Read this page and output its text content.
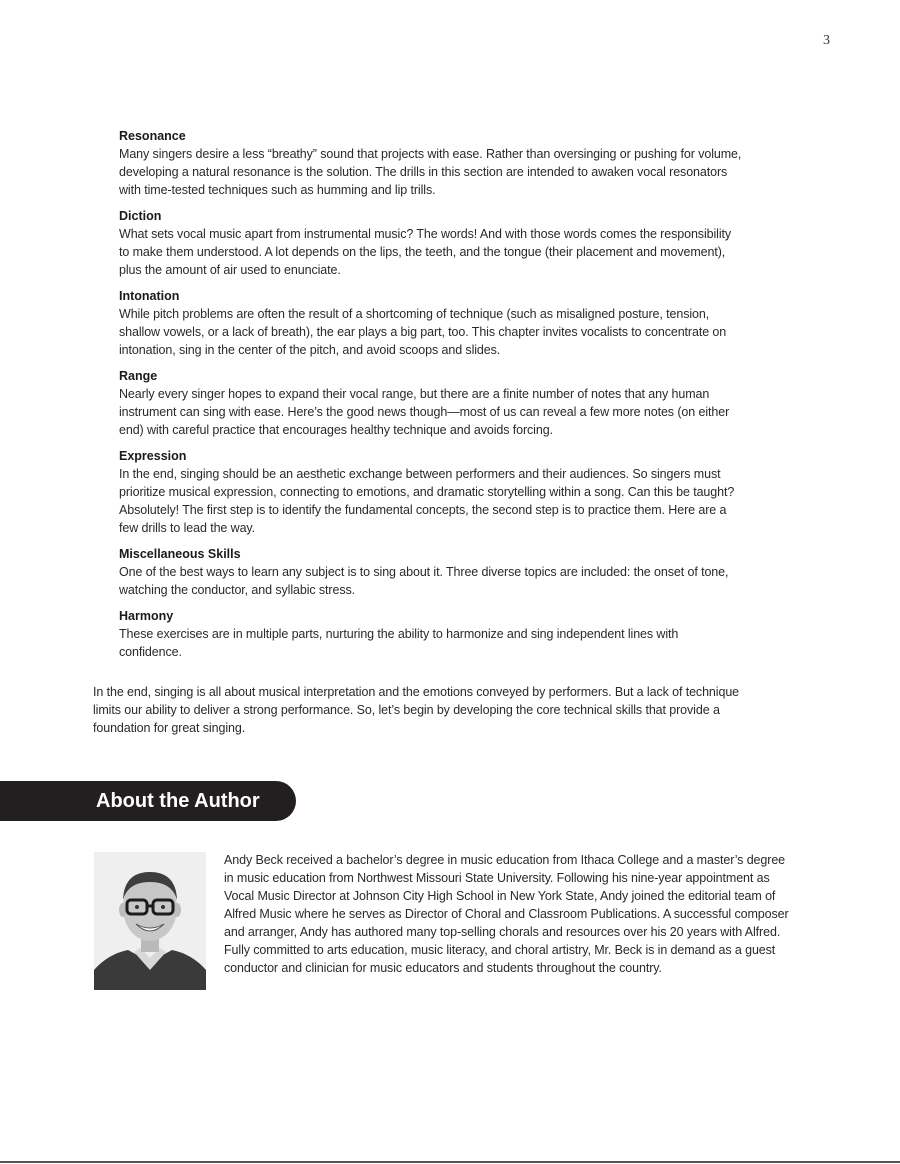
3
Resonance
Many singers desire a less “breathy” sound that projects with ease. Rather than oversinging or pushing for volume, developing a natural resonance is the solution. The drills in this section are intended to awaken vocal resonators with time-tested techniques such as humming and lip trills.
Diction
What sets vocal music apart from instrumental music? The words! And with those words comes the responsibility to make them understood. A lot depends on the lips, the teeth, and the tongue (their placement and movement), plus the amount of air used to enunciate.
Intonation
While pitch problems are often the result of a shortcoming of technique (such as misaligned posture, tension, shallow vowels, or a lack of breath), the ear plays a big part, too. This chapter invites vocalists to concentrate on intonation, sing in the center of the pitch, and avoid scoops and slides.
Range
Nearly every singer hopes to expand their vocal range, but there are a finite number of notes that any human instrument can sing with ease. Here’s the good news though—most of us can reveal a few more notes (on either end) with careful practice that encourages healthy technique and avoids forcing.
Expression
In the end, singing should be an aesthetic exchange between performers and their audiences. So singers must prioritize musical expression, connecting to emotions, and dramatic storytelling within a song. Can this be taught? Absolutely! The first step is to identify the fundamental concepts, the second step is to practice them. Here are a few drills to lead the way.
Miscellaneous Skills
One of the best ways to learn any subject is to sing about it. Three diverse topics are included: the onset of tone, watching the conductor, and syllabic stress.
Harmony
These exercises are in multiple parts, nurturing the ability to harmonize and sing independent lines with confidence.
In the end, singing is all about musical interpretation and the emotions conveyed by performers. But a lack of technique limits our ability to deliver a strong performance. So, let’s begin by developing the core technical skills that provide a foundation for great singing.
About the Author
Andy Beck received a bachelor’s degree in music education from Ithaca College and a master’s degree in music education from Northwest Missouri State University. Following his nine-year appointment as Vocal Music Director at Johnson City High School in New York State, Andy joined the editorial team of Alfred Music where he serves as Director of Choral and Classroom Publications. A successful composer and arranger, Andy has authored many top-selling chorals and resources over his 20 years with Alfred. Fully committed to arts education, music literacy, and choral artistry, Mr. Beck is in demand as a guest conductor and clinician for music educators and students throughout the country.
